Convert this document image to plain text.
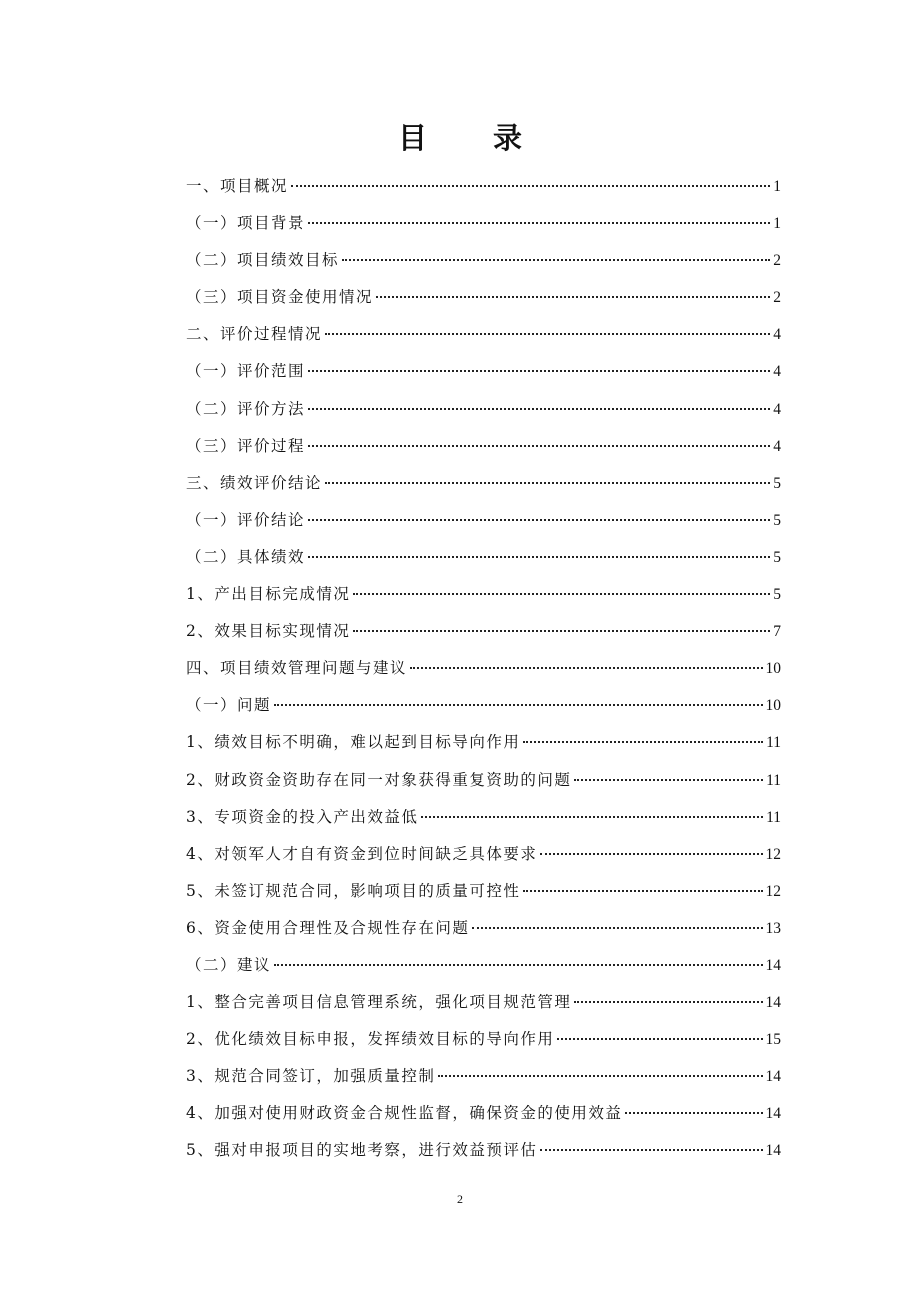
目 录
一、项目概况	1
（一）项目背景	1
（二）项目绩效目标	2
（三）项目资金使用情况	2
二、评价过程情况	4
（一）评价范围	4
（二）评价方法	4
（三）评价过程	4
三、绩效评价结论	5
（一）评价结论	5
（二）具体绩效	5
1、产出目标完成情况	5
2、效果目标实现情况	7
四、项目绩效管理问题与建议	10
（一）问题	10
1、绩效目标不明确，难以起到目标导向作用	11
2、财政资金资助存在同一对象获得重复资助的问题	11
3、专项资金的投入产出效益低	11
4、对领军人才自有资金到位时间缺乏具体要求	12
5、未签订规范合同，影响项目的质量可控性	12
6、资金使用合理性及合规性存在问题	13
（二）建议	14
1、整合完善项目信息管理系统，强化项目规范管理	14
2、优化绩效目标申报，发挥绩效目标的导向作用	15
3、规范合同签订，加强质量控制	14
4、加强对使用财政资金合规性监督，确保资金的使用效益	14
5、强对申报项目的实地考察，进行效益预评估	14
2
